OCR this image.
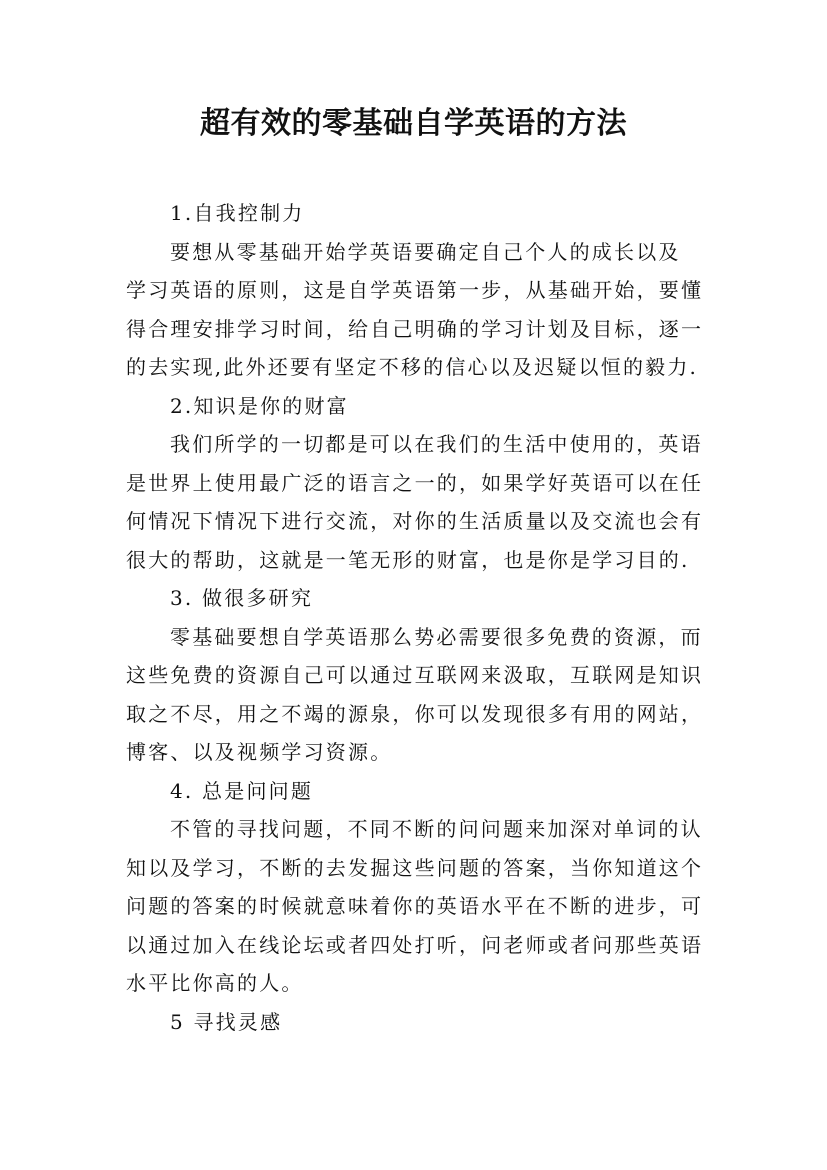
超有效的零基础自学英语的方法
1.自我控制力
要想从零基础开始学英语要确定自己个人的成长以及
学习英语的原则，这是自学英语第一步，从基础开始，要懂
得合理安排学习时间，给自己明确的学习计划及目标，逐一
的去实现,此外还要有坚定不移的信心以及迟疑以恒的毅力.
2.知识是你的财富
我们所学的一切都是可以在我们的生活中使用的，英语
是世界上使用最广泛的语言之一的，如果学好英语可以在任
何情况下情况下进行交流，对你的生活质量以及交流也会有
很大的帮助，这就是一笔无形的财富，也是你是学习目的.
3. 做很多研究
零基础要想自学英语那么势必需要很多免费的资源，而
这些免费的资源自己可以通过互联网来汲取，互联网是知识
取之不尽，用之不竭的源泉，你可以发现很多有用的网站，
博客、以及视频学习资源。
4. 总是问问题
不管的寻找问题，不同不断的问问题来加深对单词的认
知以及学习，不断的去发掘这些问题的答案，当你知道这个
问题的答案的时候就意味着你的英语水平在不断的进步，可
以通过加入在线论坛或者四处打听，问老师或者问那些英语
水平比你高的人。
5 寻找灵感
